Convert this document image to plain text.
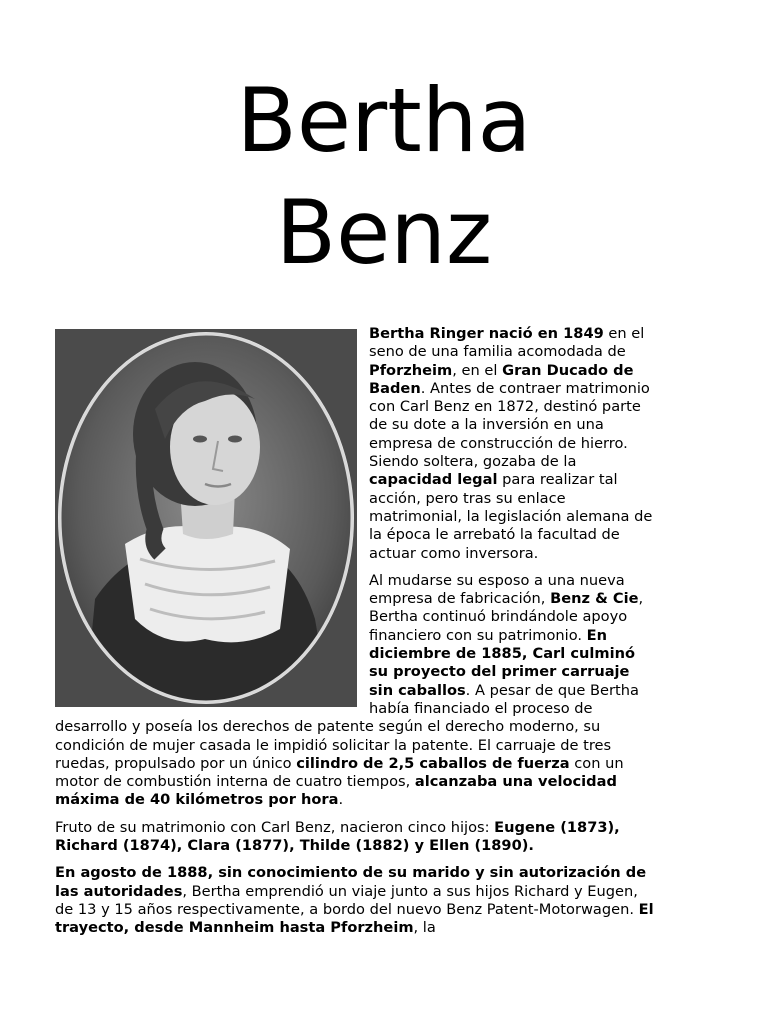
Bertha
Benz

Bertha Ringer nació en 1849 en el seno de una familia acomodada de Pforzheim, en el Gran Ducado de Baden. Antes de contraer matrimonio con Carl Benz en 1872, destinó parte de su dote a la inversión en una empresa de construcción de hierro. Siendo soltera, gozaba de la capacidad legal para realizar tal acción, pero tras su enlace matrimonial, la legislación alemana de la época le arrebató la facultad de actuar como inversora.

Al mudarse su esposo a una nueva empresa de fabricación, Benz & Cie, Bertha continuó brindándole apoyo financiero con su patrimonio. En diciembre de 1885, Carl culminó su proyecto del primer carruaje sin caballos. A pesar de que Bertha había financiado el proceso de desarrollo y poseía los derechos de patente según el derecho moderno, su condición de mujer casada le impidió solicitar la patente. El carruaje de tres ruedas, propulsado por un único cilindro de 2,5 caballos de fuerza con un motor de combustión interna de cuatro tiempos, alcanzaba una velocidad máxima de 40 kilómetros por hora.

Fruto de su matrimonio con Carl Benz, nacieron cinco hijos: Eugene (1873), Richard (1874), Clara (1877), Thilde (1882) y Ellen (1890).

En agosto de 1888, sin conocimiento de su marido y sin autorización de las autoridades, Bertha emprendió un viaje junto a sus hijos Richard y Eugen, de 13 y 15 años respectivamente, a bordo del nuevo Benz Patent-Motorwagen. El trayecto, desde Mannheim hasta Pforzheim, la
